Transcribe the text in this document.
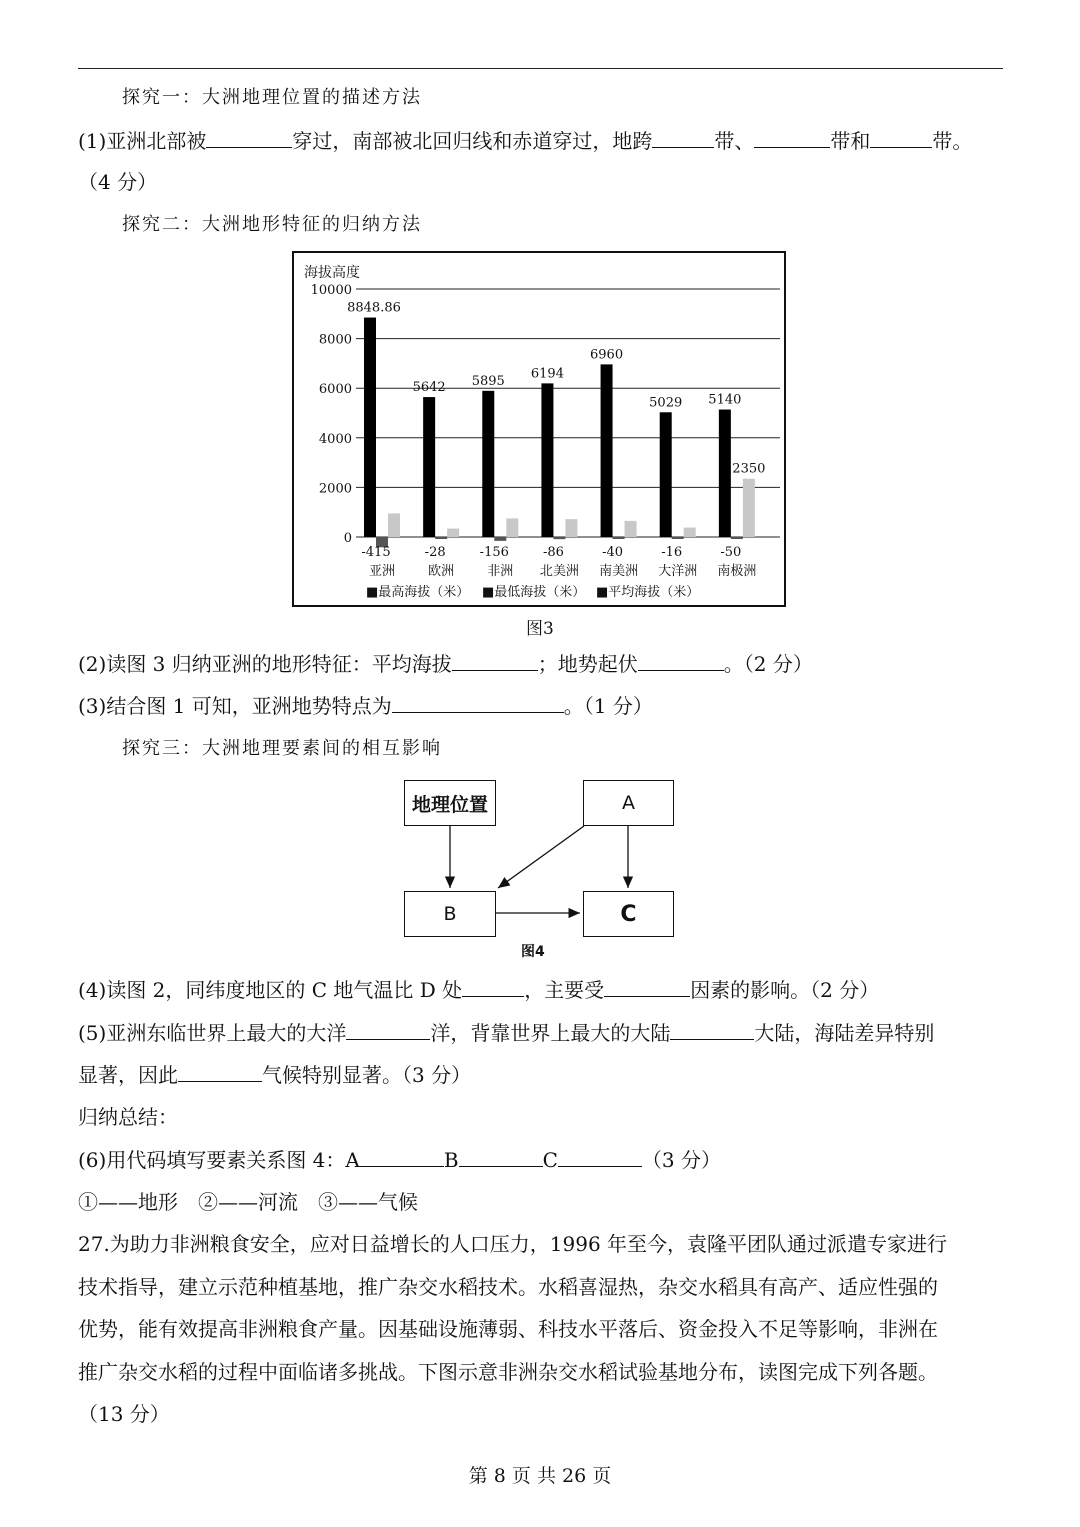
探究一：大洲地理位置的描述方法
(1)亚洲北部被	穿过，南部被北回归线和赤道穿过，地跨	带、	带和	带。
（4 分）
探究二：大洲地形特征的归纳方法
海拔高度
10000
8000
6000
4000
2000
0
8848.86
-415
亚洲
5642
-28
欧洲
5895
-156
非洲
6194
-86
北美洲
6960
-40
南美洲
5029
-16
大洋洲
5140
-50
南极洲
2350
■最高海拔（米） ■最低海拔（米） ■平均海拔（米）
图3
(2)读图 3 归纳亚洲的地形特征：平均海拔	；地势起伏	。（2 分）
(3)结合图 1 可知，亚洲地势特点为	。（1 分）
探究三：大洲地理要素间的相互影响
地理位置	A
B	C
图4
(4)读图 2，同纬度地区的 C 地气温比 D 处	，主要受	因素的影响。（2 分）
(5)亚洲东临世界上最大的大洋	洋，背靠世界上最大的大陆	大陆，海陆差异特别
显著，因此	气候特别显著。（3 分）
归纳总结：
(6)用代码填写要素关系图 4：A	B	C	（3 分）
①——地形　②——河流　③——气候
27.为助力非洲粮食安全，应对日益增长的人口压力，1996 年至今，袁隆平团队通过派遣专家进行
技术指导，建立示范种植基地，推广杂交水稻技术。水稻喜湿热，杂交水稻具有高产、适应性强的
优势，能有效提高非洲粮食产量。因基础设施薄弱、科技水平落后、资金投入不足等影响，非洲在
推广杂交水稻的过程中面临诸多挑战。下图示意非洲杂交水稻试验基地分布，读图完成下列各题。
（13 分）
第 8 页 共 26 页
